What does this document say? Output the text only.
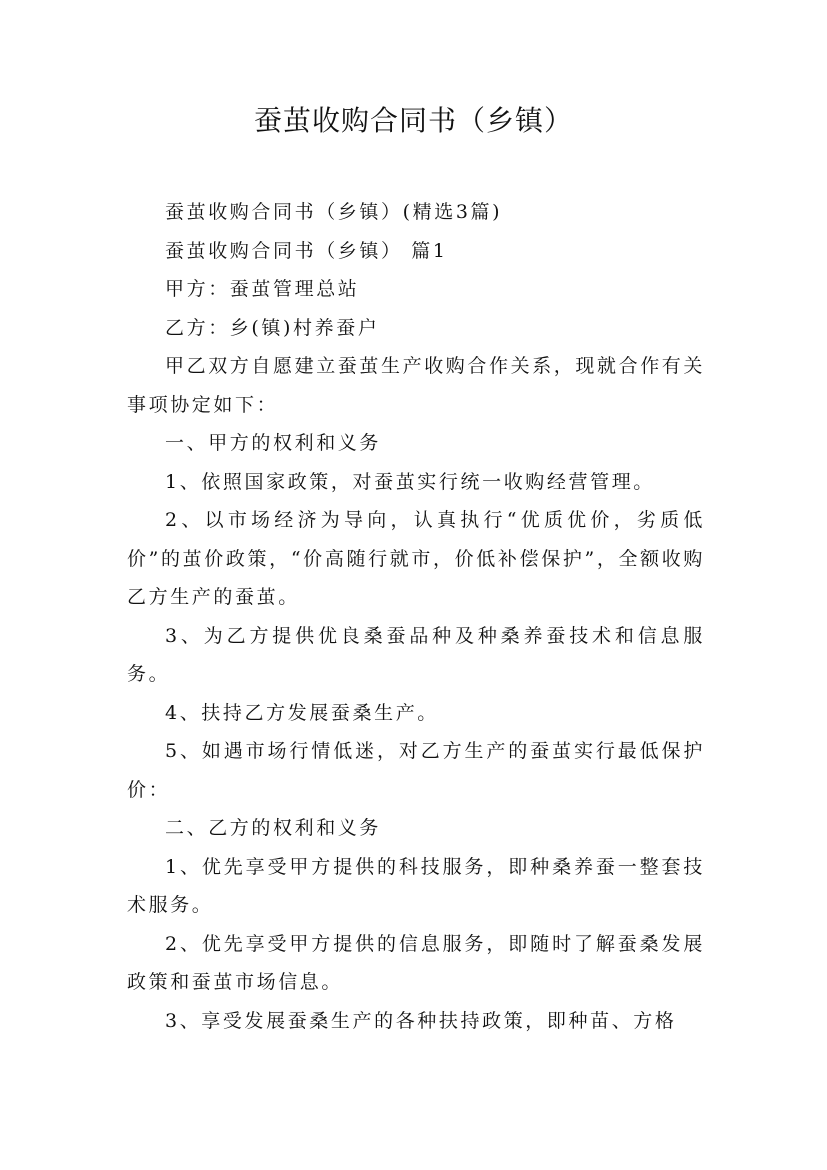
蚕茧收购合同书（乡镇）

蚕茧收购合同书（乡镇）(精选3篇)

蚕茧收购合同书（乡镇） 篇1

甲方：蚕茧管理总站

乙方：乡(镇)村养蚕户

甲乙双方自愿建立蚕茧生产收购合作关系，现就合作有关事项协定如下：

一、甲方的权利和义务

1、依照国家政策，对蚕茧实行统一收购经营管理。

2、以市场经济为导向，认真执行“优质优价，劣质低价”的茧价政策，“价高随行就市，价低补偿保护”，全额收购乙方生产的蚕茧。

3、为乙方提供优良桑蚕品种及种桑养蚕技术和信息服务。

4、扶持乙方发展蚕桑生产。

5、如遇市场行情低迷，对乙方生产的蚕茧实行最低保护价：

二、乙方的权利和义务

1、优先享受甲方提供的科技服务，即种桑养蚕一整套技术服务。

2、优先享受甲方提供的信息服务，即随时了解蚕桑发展政策和蚕茧市场信息。

3、享受发展蚕桑生产的各种扶持政策，即种苗、方格
